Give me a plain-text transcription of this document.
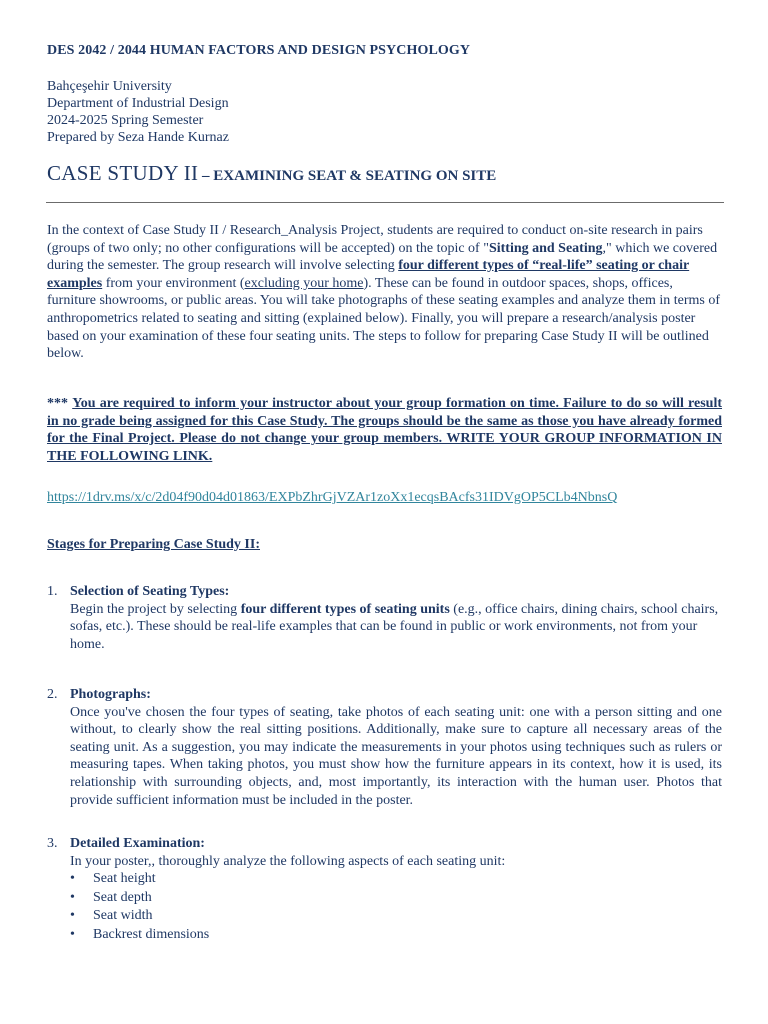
DES 2042 / 2044 HUMAN FACTORS AND DESIGN PSYCHOLOGY
Bahçeşehir University
Department of Industrial Design
2024-2025 Spring Semester
Prepared by Seza Hande Kurnaz
CASE STUDY II – EXAMINING SEAT & SEATING ON SITE
In the context of Case Study II / Research_Analysis Project, students are required to conduct on-site research in pairs (groups of two only; no other configurations will be accepted) on the topic of "Sitting and Seating," which we covered during the semester. The group research will involve selecting four different types of “real-life” seating or chair examples from your environment (excluding your home). These can be found in outdoor spaces, shops, offices, furniture showrooms, or public areas. You will take photographs of these seating examples and analyze them in terms of anthropometrics related to seating and sitting (explained below). Finally, you will prepare a research/analysis poster based on your examination of these four seating units. The steps to follow for preparing Case Study II will be outlined below.
*** You are required to inform your instructor about your group formation on time. Failure to do so will result in no grade being assigned for this Case Study. The groups should be the same as those you have already formed for the Final Project. Please do not change your group members. WRITE YOUR GROUP INFORMATION IN THE FOLLOWING LINK.
https://1drv.ms/x/c/2d04f90d04d01863/EXPbZhrGjVZAr1zoXx1ecqsBAcfs31IDVgOP5CLb4NbnsQ
Stages for Preparing Case Study II:
1. Selection of Seating Types:
Begin the project by selecting four different types of seating units (e.g., office chairs, dining chairs, school chairs, sofas, etc.). These should be real-life examples that can be found in public or work environments, not from your home.
2. Photographs:
Once you've chosen the four types of seating, take photos of each seating unit: one with a person sitting and one without, to clearly show the real sitting positions. Additionally, make sure to capture all necessary areas of the seating unit. As a suggestion, you may indicate the measurements in your photos using techniques such as rulers or measuring tapes. When taking photos, you must show how the furniture appears in its context, how it is used, its relationship with surrounding objects, and, most importantly, its interaction with the human user. Photos that provide sufficient information must be included in the poster.
3. Detailed Examination:
In your poster,, thoroughly analyze the following aspects of each seating unit:
• Seat height
• Seat depth
• Seat width
• Backrest dimensions
